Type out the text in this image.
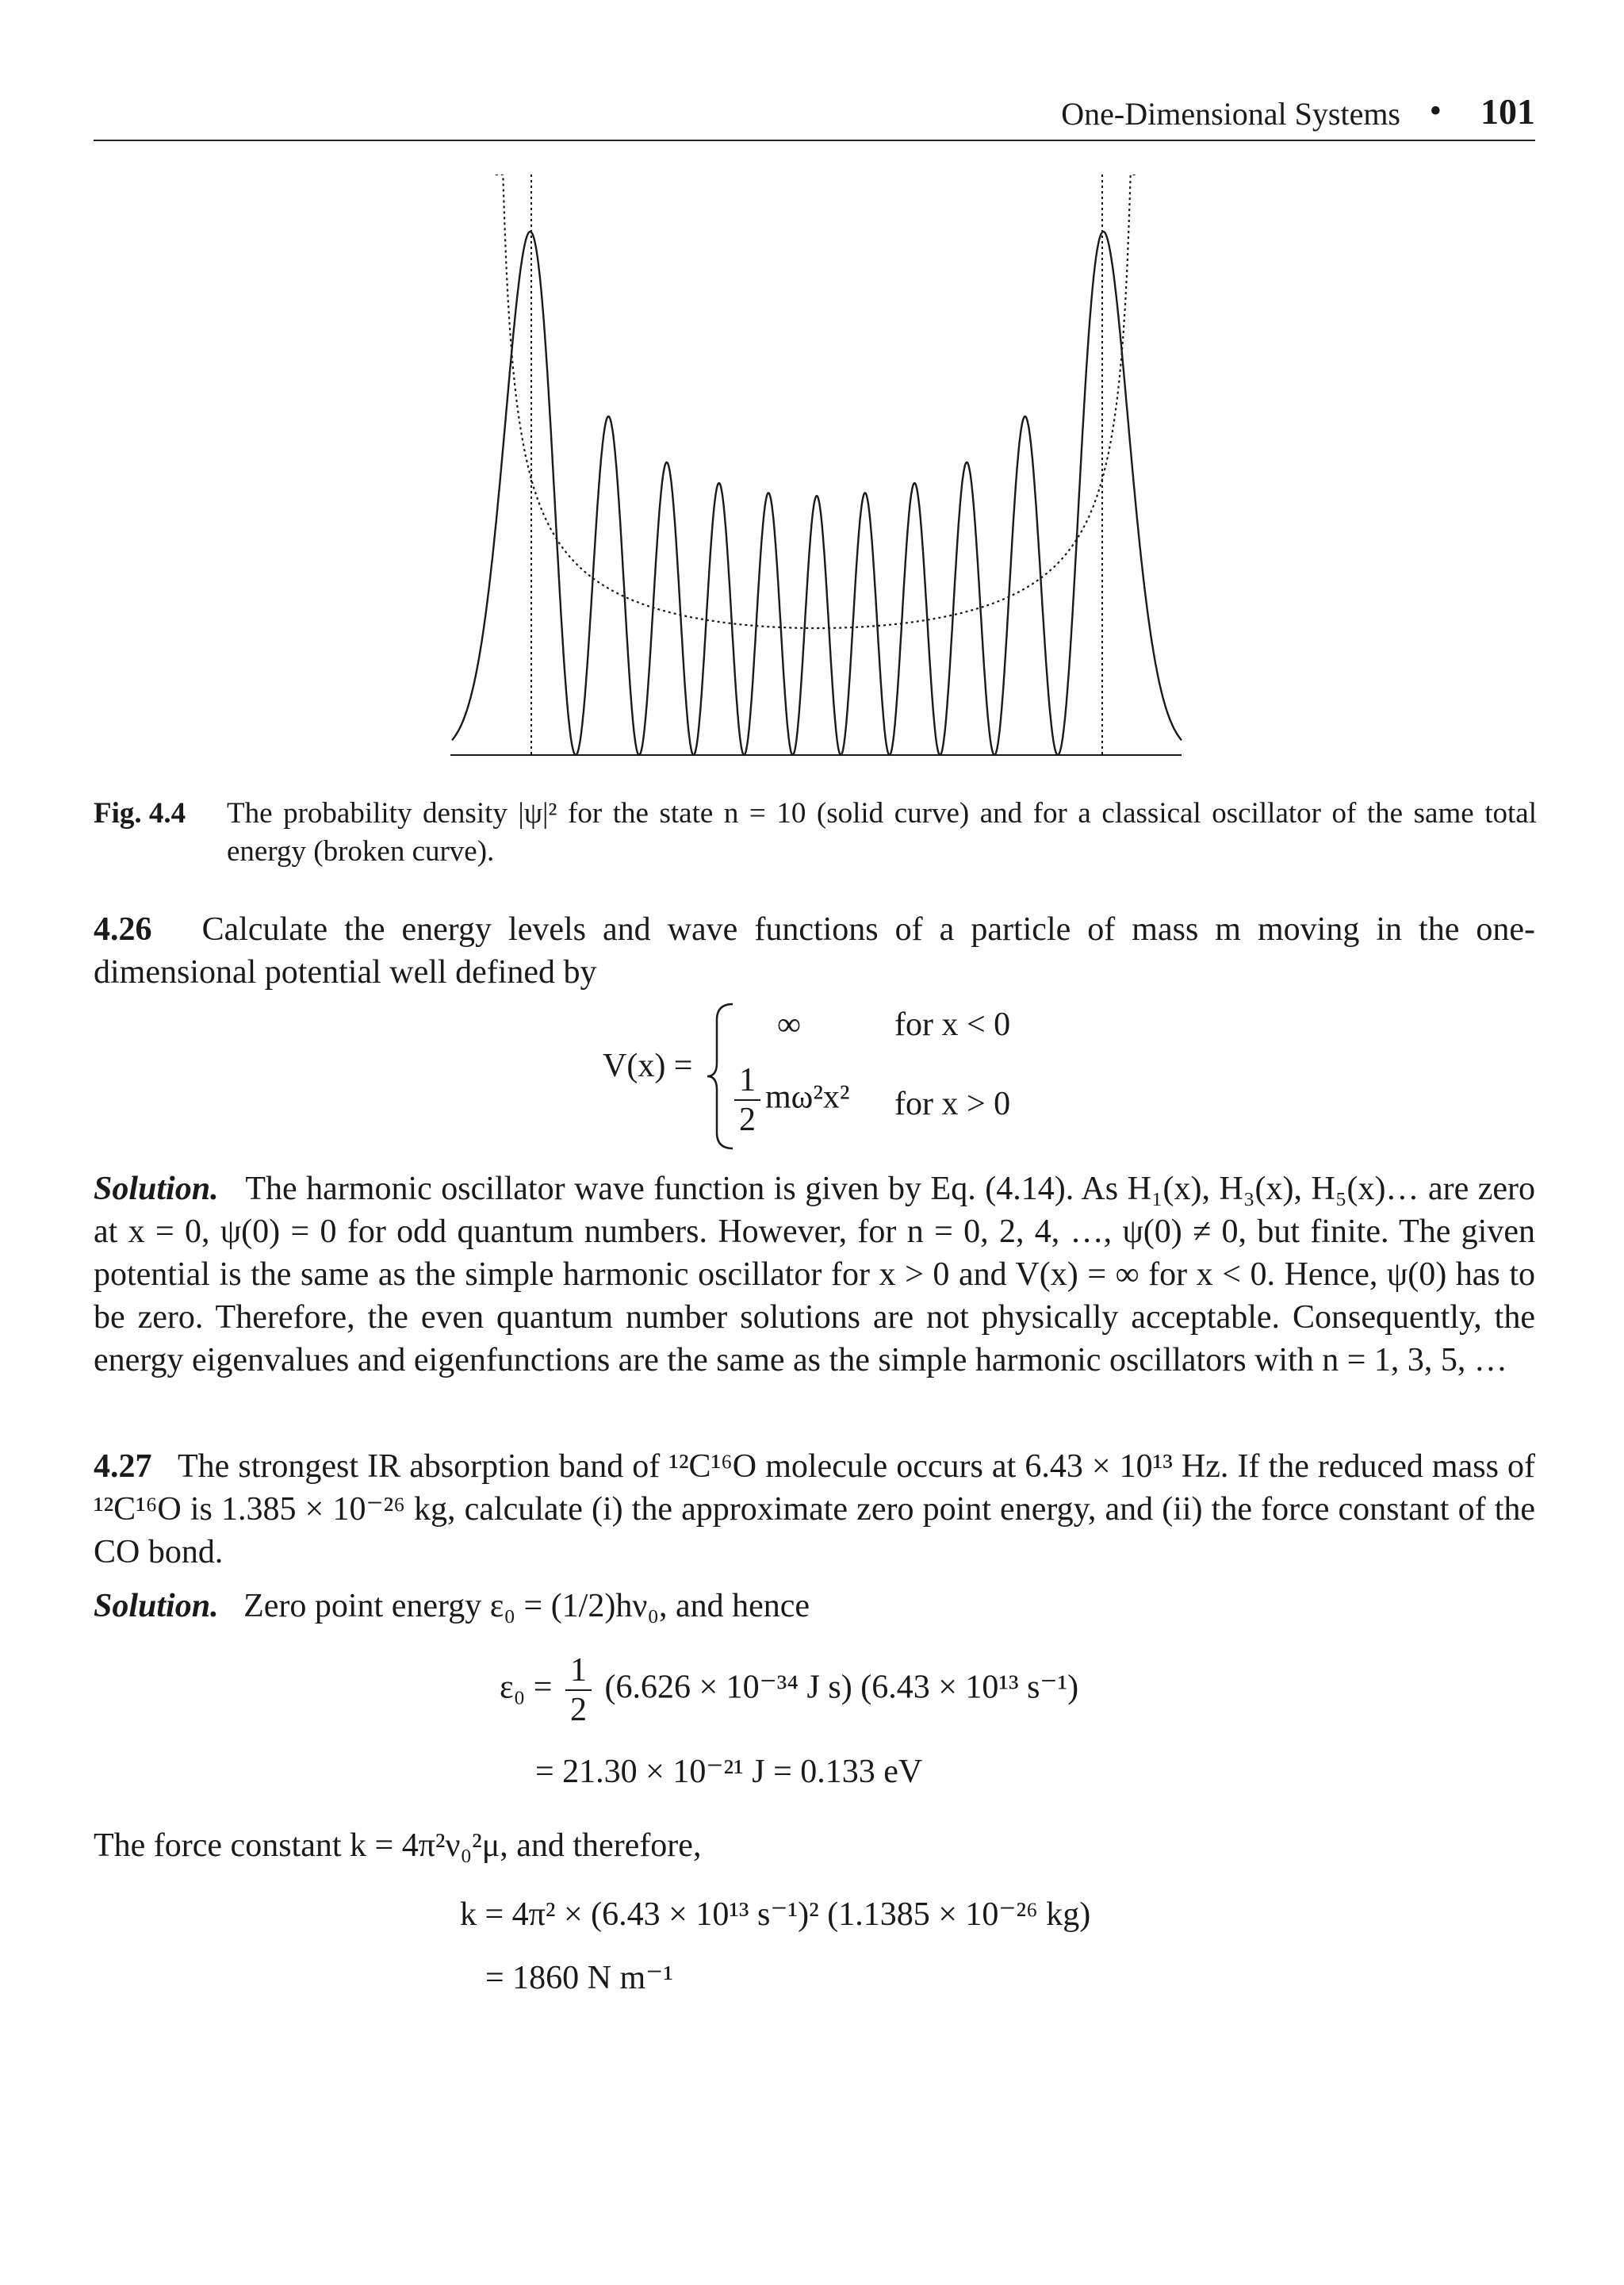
One-Dimensional Systems • 101
Fig. 4.4 The probability density |ψ|² for the state n = 10 (solid curve) and for a classical oscillator of the same total energy (broken curve).
4.26 Calculate the energy levels and wave functions of a particle of mass m moving in the one-dimensional potential well defined by
V(x) =
∞	for x < 0
$\frac{1}{2} m\omega^2x^2$ for x > 0
Solution. The harmonic oscillator wave function is given by Eq. (4.14). As H₁(x), H₃(x), H₅(x)… are zero at x = 0, ψ(0) = 0 for odd quantum numbers. However, for n = 0, 2, 4, …, ψ(0) ≠ 0, but finite. The given potential is the same as the simple harmonic oscillator for x > 0 and V(x) = ∞ for x < 0. Hence, ψ(0) has to be zero. Therefore, the even quantum number solutions are not physically acceptable. Consequently, the energy eigenvalues and eigenfunctions are the same as the simple harmonic oscillators with n = 1, 3, 5, …
4.27 The strongest IR absorption band of ¹²C¹⁶O molecule occurs at 6.43 × 10¹³ Hz. If the reduced mass of ¹²C¹⁶O is 1.385 × 10⁻²⁶ kg, calculate (i) the approximate zero point energy, and (ii) the force constant of the CO bond.
Solution. Zero point energy ε₀ = (1/2)hν₀, and hence
$\varepsilon_0 = \frac{1}{2} (6.626 \times 10^{-34}$ J s) (6.43 × 10¹³ s⁻¹)
= 21.30 × 10⁻²¹ J = 0.133 eV
The force constant k = 4π²ν₀²μ, and therefore,
k = 4π² × (6.43 × 10¹³ s⁻¹)² (1.1385 × 10⁻²⁶ kg)
= 1860 N m⁻¹
